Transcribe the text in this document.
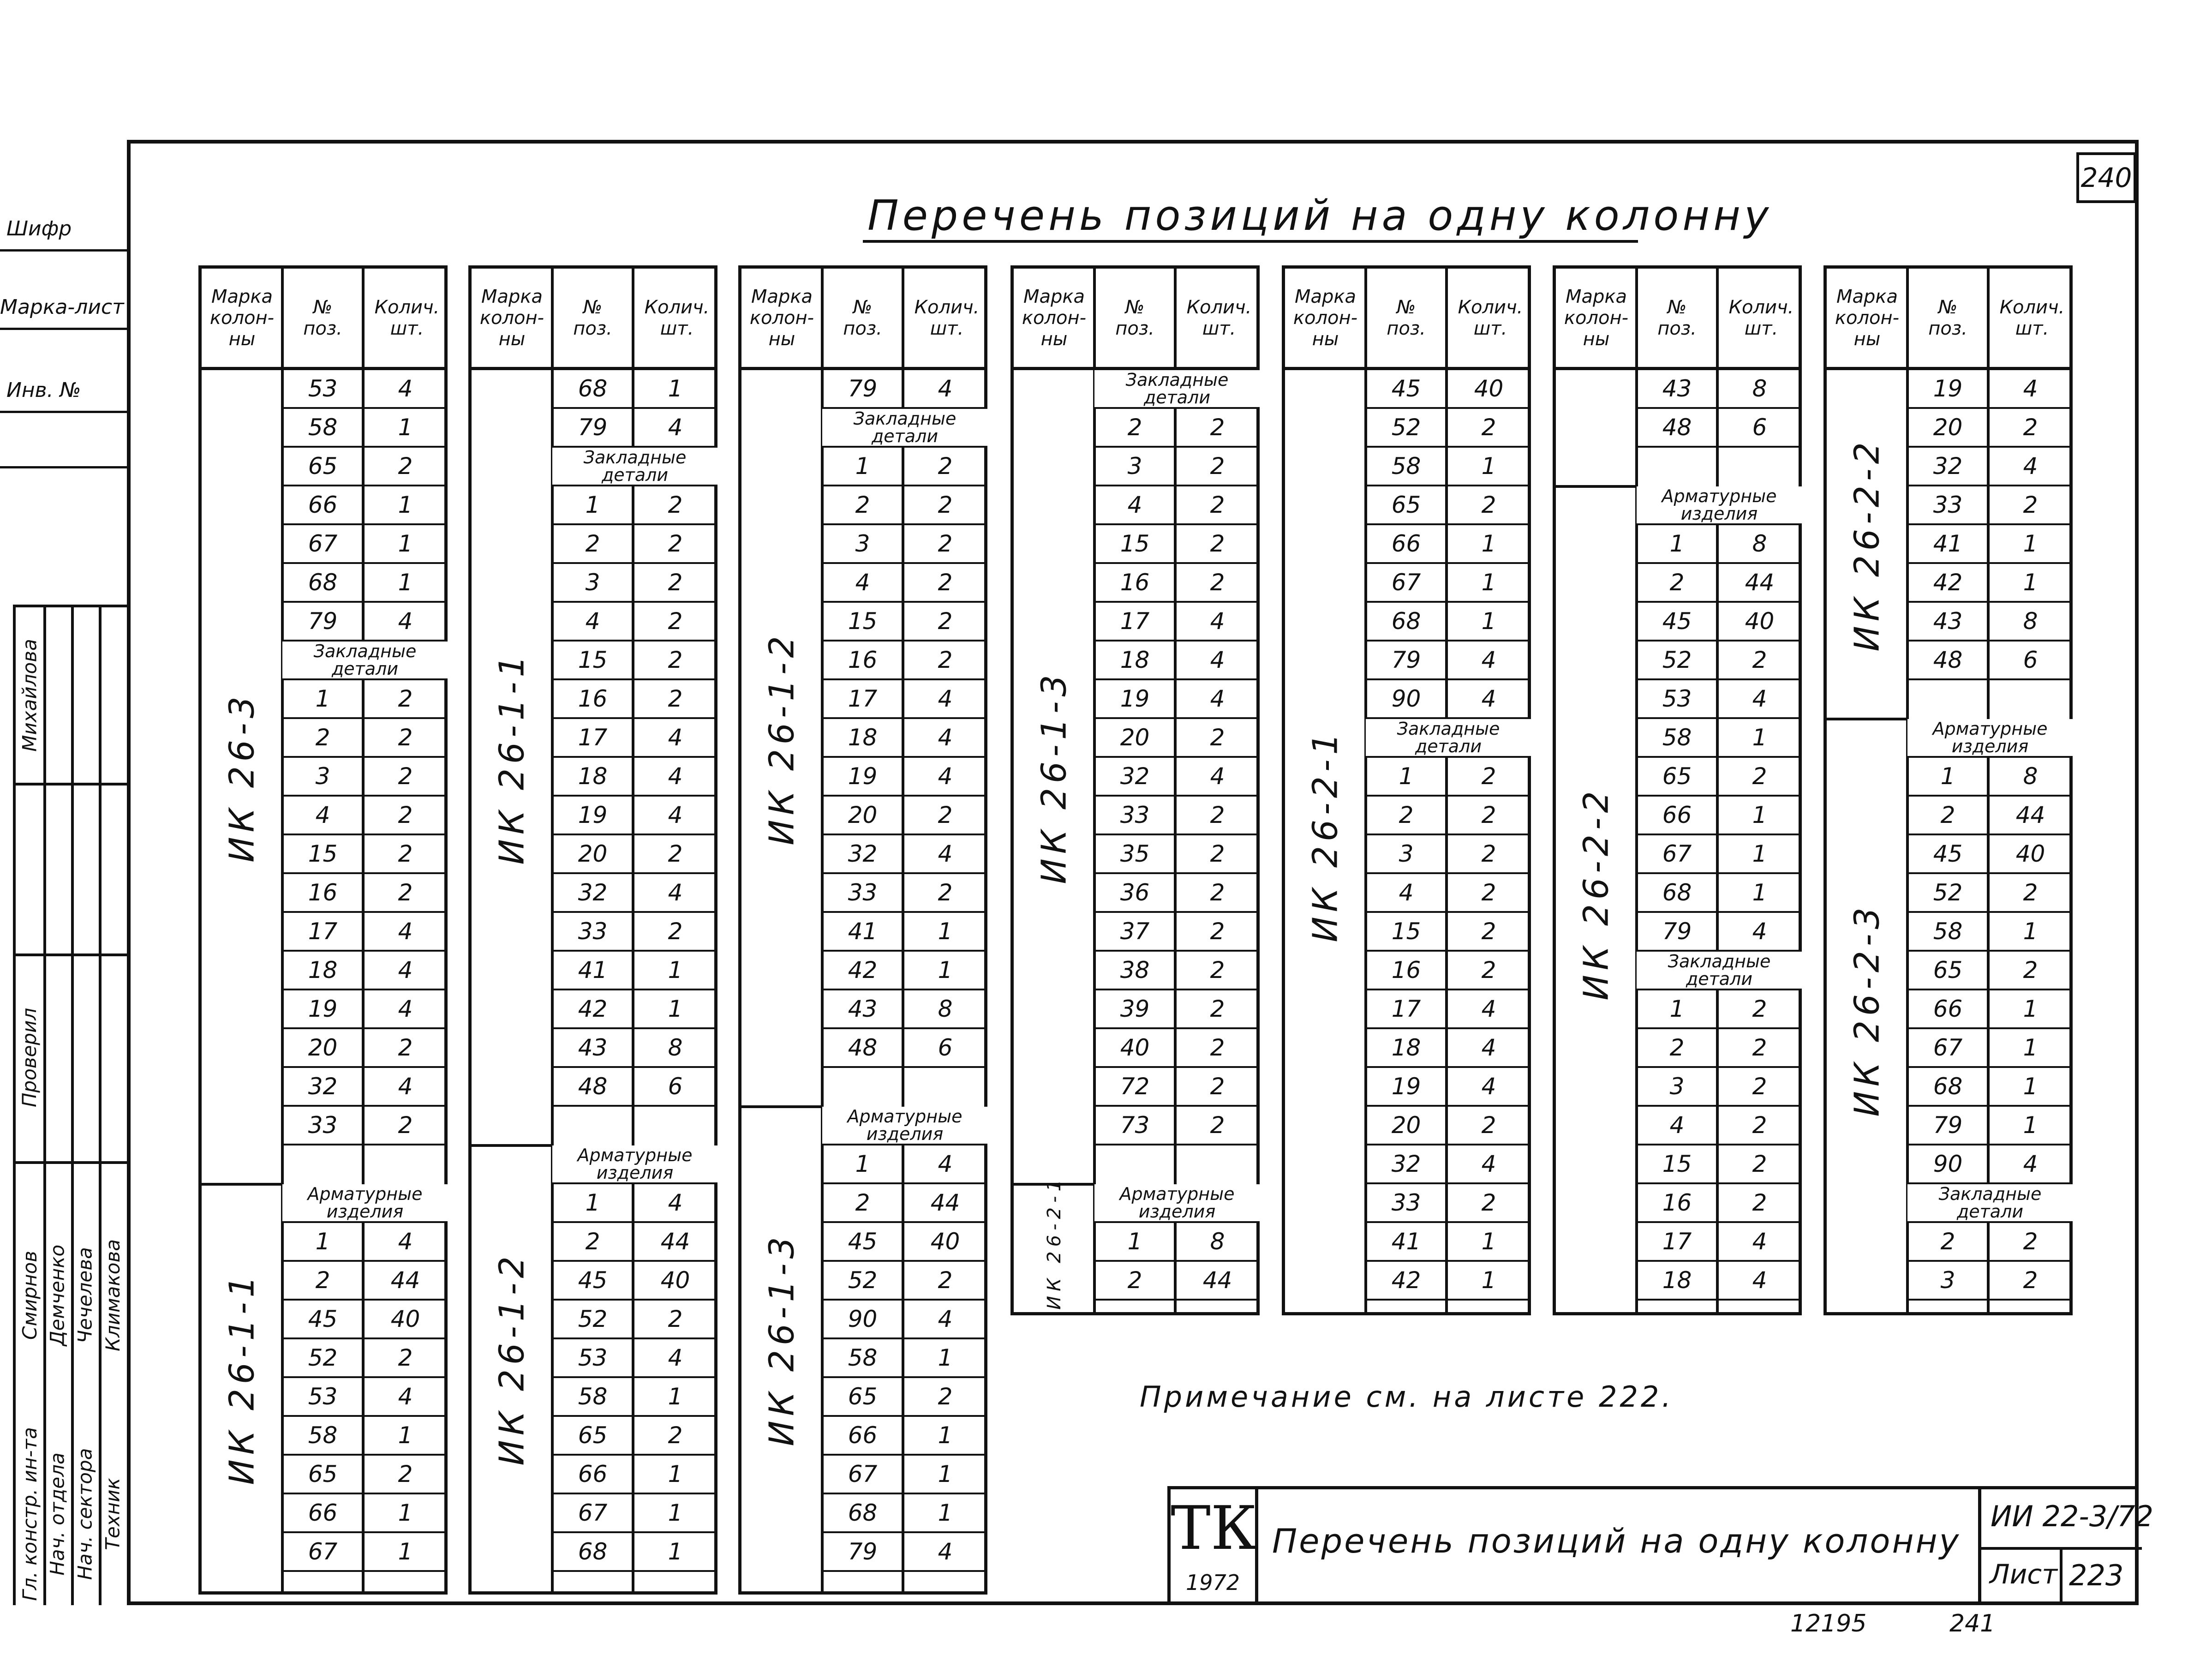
240
Перечень позиций на одну колонну
Шифр
Марка-лист
Инв. №
Михайлова
Проверил
Гл. констр. ин-та
Смирнов
Нач. отдела
Демченко
Нач. сектора
Чечелева
Техник
Климакова
Марка
колон-
ны
№
поз.
Колич.
шт.
53	4
58	1
65	2
66	1
67	1
68	1
79	4
Закладные
детали
1	2
2	2
3	2
4	2
15	2
16	2
17	4
18	4
19	4
20	2
32	4
33	2
ИК 26-3
Арматурные
изделия
1	4
2	44
45	40
52	2
53	4
58	1
65	2
66	1
67	1
ИК 26-1-1
Марка
колон-
ны
№
поз.
Колич.
шт.
68	1
79	4
Закладные
детали
1	2
2	2
3	2
4	2
15	2
16	2
17	4
18	4
19	4
20	2
32	4
33	2
41	1
42	1
43	8
48	6
ИК 26-1-1
Арматурные
изделия
1	4
2	44
45	40
52	2
53	4
58	1
65	2
66	1
67	1
68	1
ИК 26-1-2
Марка
колон-
ны
№
поз.
Колич.
шт.
79	4
Закладные
детали
1	2
2	2
3	2
4	2
15	2
16	2
17	4
18	4
19	4
20	2
32	4
33	2
41	1
42	1
43	8
48	6
ИК 26-1-2
Арматурные
изделия
1	4
2	44
45	40
52	2
90	4
58	1
65	2
66	1
67	1
68	1
79	4
ИК 26-1-3
Марка
колон-
ны
№
поз.
Колич.
шт.
Закладные
детали
2	2
3	2
4	2
15	2
16	2
17	4
18	4
19	4
20	2
32	4
33	2
35	2
36	2
37	2
38	2
39	2
40	2
72	2
73	2
ИК 26-1-3
Арматурные
изделия
1	8
2	44
ИК 26-2-1
Марка
колон-
ны
№
поз.
Колич.
шт.
45	40
52	2
58	1
65	2
66	1
67	1
68	1
79	4
90	4
Закладные
детали
1	2
2	2
3	2
4	2
15	2
16	2
17	4
18	4
19	4
20	2
32	4
33	2
41	1
42	1
ИК 26-2-1
Марка
колон-
ны
№
поз.
Колич.
шт.
43	8
48	6
Арматурные
изделия
1	8
2	44
45	40
52	2
53	4
58	1
65	2
66	1
67	1
68	1
79	4
Закладные
детали
1	2
2	2
3	2
4	2
15	2
16	2
17	4
18	4
ИК 26-2-2
Марка
колон-
ны
№
поз.
Колич.
шт.
19	4
20	2
32	4
33	2
41	1
42	1
43	8
48	6
ИК 26-2-2
Арматурные
изделия
1	8
2	44
45	40
52	2
58	1
65	2
66	1
67	1
68	1
79	1
90	4
Закладные
детали
2	2
3	2
ИК 26-2-3
Примечание см. на листе 222.
ТК
1972
Перечень позиций на одну колонну
ИИ 22-3/72
Лист 223
12195	241
